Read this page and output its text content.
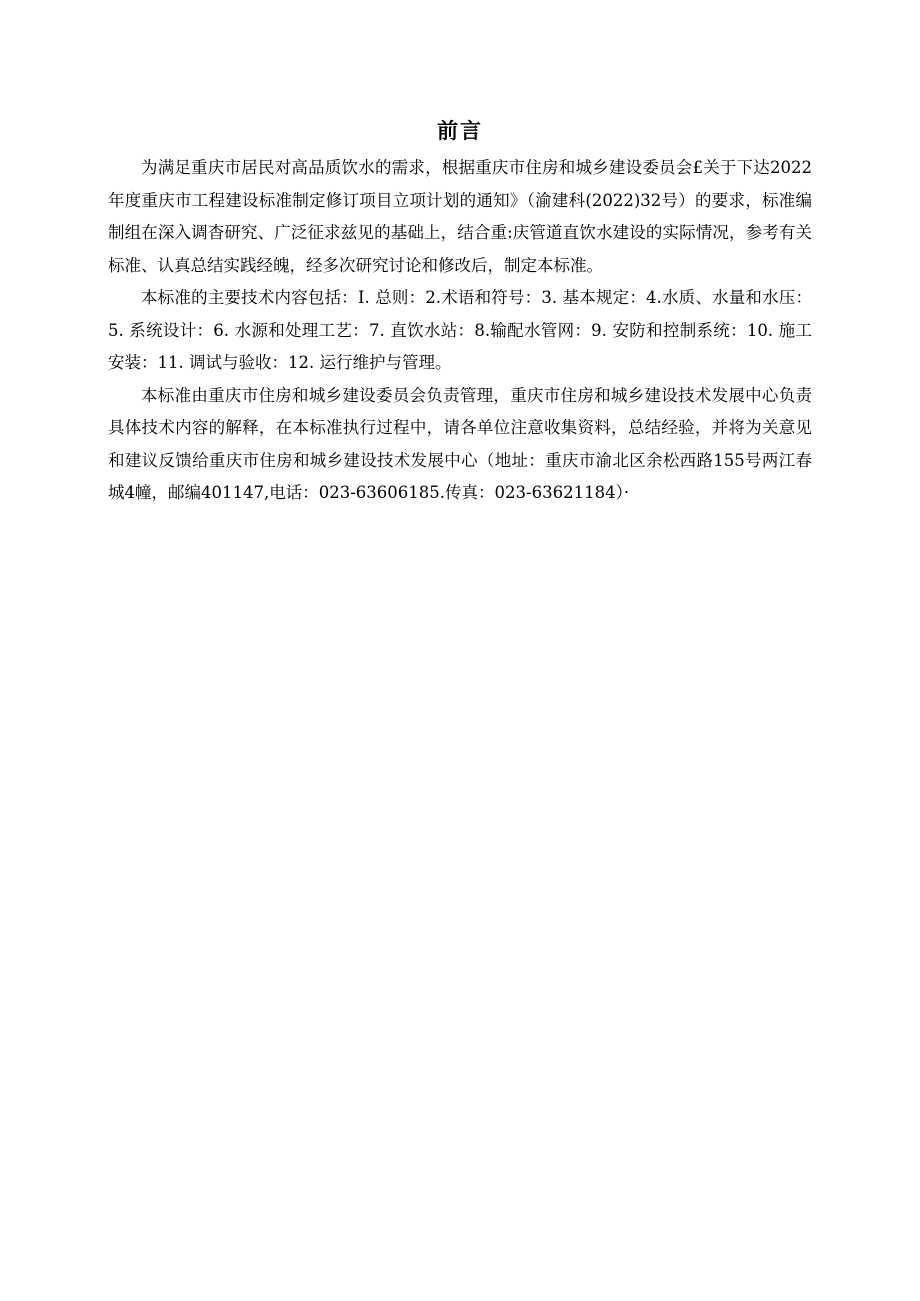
前言

为满足重庆市居民对高品质饮水的需求，根据重庆市住房和城乡建设委员会£关于下达2022年度重庆市工程建设标准制定修订项目立项计划的通知》（渝建科(2022)32号）的要求，标准编制组在深入调杳研究、广泛征求兹见的基础上，结合重:庆管道直饮水建设的实际情况，参考有关标准、认真总结实践经魄，经多次研究讨论和修改后，制定本标准。

本标准的主要技术内容包括：I. 总则：2.术语和符号：3. 基本规定：4.水质、水量和水压：5. 系统设计：6. 水源和处理工艺：7. 直饮水站：8.输配水管网：9. 安防和控制系统：10. 施工安装：11. 调试与验收：12. 运行维护与管理。

本标准由重庆市住房和城乡建设委员会负责管理，重庆市住房和城乡建设技术发展中心负责具体技术内容的解释，在本标准执行过程中，请各单位注意收集资料，总结经验，并将为关意见和建议反馈给重庆市住房和城乡建设技术发展中心（地址：重庆市渝北区余松西路155号两江春城4幢，邮编401147,电话：023-63606185.传真：023-63621184）·
